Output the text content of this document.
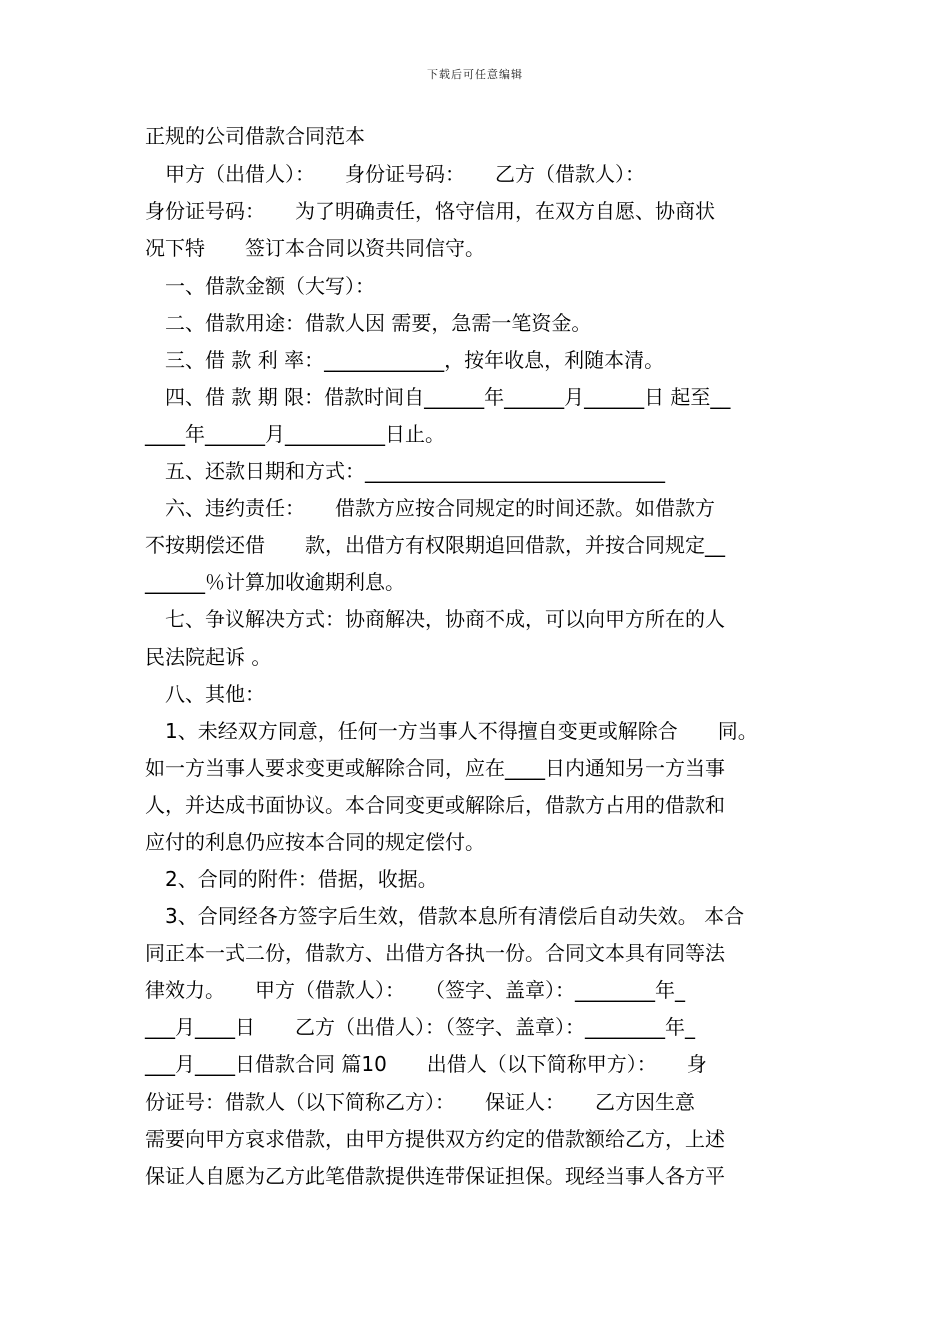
下载后可任意编辑
正规的公司借款合同范本
　甲方（出借人）：　　身份证号码：　　乙方（借款人）：
身份证号码：　　为了明确责任，恪守信用，在双方自愿、协商状
况下特　　签订本合同以资共同信守。
　一、借款金额（大写）：
　二、借款用途：借款人因 需要，急需一笔资金。
　三、借 款 利 率：____________，按年收息，利随本清。
　四、借 款 期 限：借款时间自______年______月______日 起至__
____年______月__________日止。
　五、还款日期和方式：______________________________
　六、违约责任：　　借款方应按合同规定的时间还款。如借款方
不按期偿还借　　款，出借方有权限期追回借款，并按合同规定__
______％计算加收逾期利息。
　七、争议解决方式：协商解决，协商不成，可以向甲方所在的人
民法院起诉 。
　八、其他：
　1、未经双方同意，任何一方当事人不得擅自变更或解除合　　同。
如一方当事人要求变更或解除合同，应在____日内通知另一方当事
人，并达成书面协议。本合同变更或解除后，借款方占用的借款和
应付的利息仍应按本合同的规定偿付。
　2、合同的附件：借据，收据。
　3、合同经各方签字后生效，借款本息所有清偿后自动失效。 本合
同正本一式二份，借款方、出借方各执一份。合同文本具有同等法
律效力。　　甲方（借款人）：　　（签字、盖章）：________年_
___月____日　　乙方（出借人）：（签字、盖章）：________年_
___月____日借款合同 篇10　　出借人（以下简称甲方）：　　身
份证号：借款人（以下简称乙方）：　　保证人：　　乙方因生意
需要向甲方哀求借款，由甲方提供双方约定的借款额给乙方，上述
保证人自愿为乙方此笔借款提供连带保证担保。现经当事人各方平
